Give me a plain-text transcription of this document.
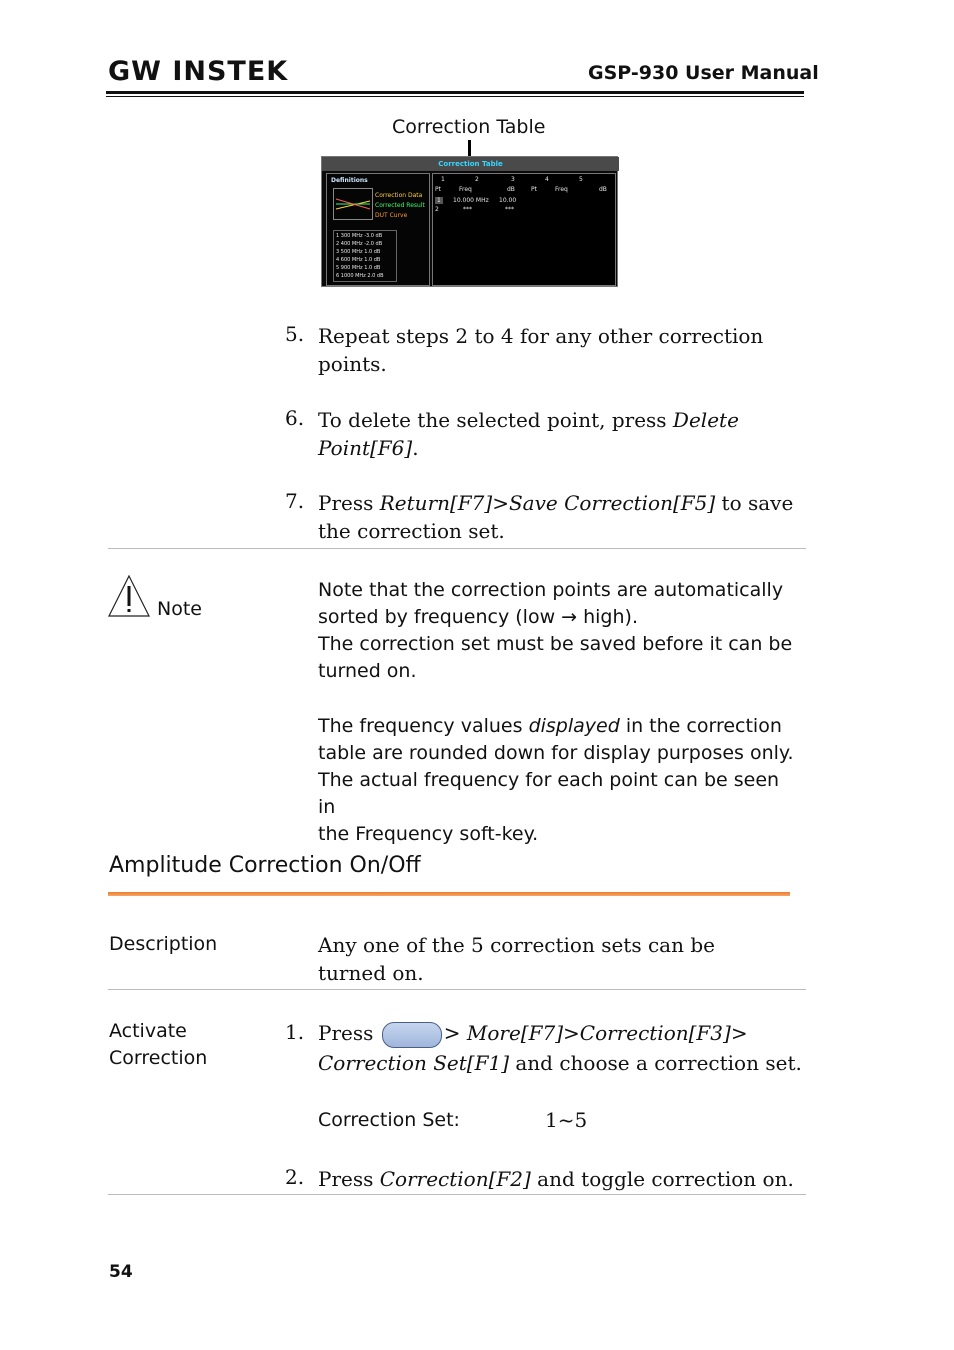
GW INSTEK	GSP-930 User Manual
Correction Table
Correction Table
Definitions
Correction Data
Corrected Result
DUT Curve
1 300 MHz -3.0 dB
2 400 MHz -2.0 dB
3 500 MHz 1.0 dB
4 600 MHz 1.0 dB
5 900 MHz 1.0 dB
6 1000 MHz 2.0 dB
1	2	3	4	5
Pt	Freq	dB	Pt	Freq	dB
1	10.000 MHz 10.00
2	***	***
5. Repeat steps 2 to 4 for any other correction points.
6. To delete the selected point, press Delete Point[F6].
7. Press Return[F7]>Save Correction[F5] to save the correction set.
Note
Note that the correction points are automatically
sorted by frequency (low → high).
The correction set must be saved before it can be
turned on.
The frequency values displayed in the correction
table are rounded down for display purposes only.
The actual frequency for each point can be seen in
the Frequency soft-key.
Amplitude Correction On/Off
Description	Any one of the 5 correction sets can be turned on.
Activate
Correction
1. Press	> More[F7]>Correction[F3]>
Correction Set[F1] and choose a correction set.
Correction Set:	1~5
2. Press Correction[F2] and toggle correction on.
54
